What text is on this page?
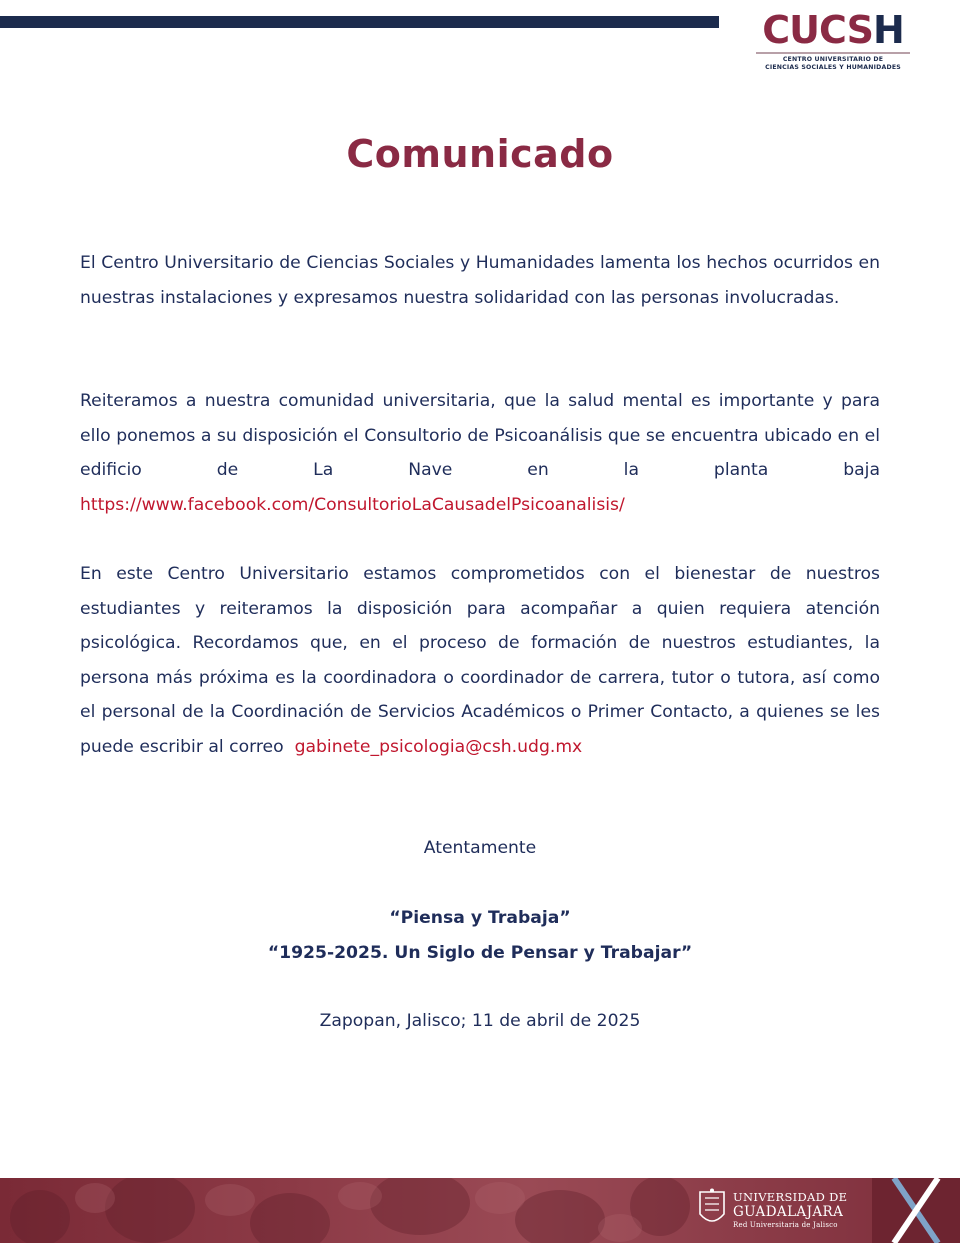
CUCSH
CENTRO UNIVERSITARIO DE
CIENCIAS SOCIALES Y HUMANIDADES
Comunicado
El Centro Universitario de Ciencias Sociales y Humanidades lamenta los hechos ocurridos en nuestras instalaciones y expresamos nuestra solidaridad con las personas involucradas.
Reiteramos a nuestra comunidad universitaria, que la salud mental es importante y para ello ponemos a su disposición el Consultorio de Psicoanálisis que se encuentra ubicado en el edificio de La Nave en la planta baja https://www.facebook.com/ConsultorioLaCausadelPsicoanalisis/
En este Centro Universitario estamos comprometidos con el bienestar de nuestros estudiantes y reiteramos la disposición para acompañar a quien requiera atención psicológica. Recordamos que, en el proceso de formación de nuestros estudiantes, la persona más próxima es la coordinadora o coordinador de carrera, tutor o tutora, así como el personal de la Coordinación de Servicios Académicos o Primer Contacto, a quienes se les puede escribir al correo gabinete_psicologia@csh.udg.mx
Atentamente
“Piensa y Trabaja”
“1925-2025. Un Siglo de Pensar y Trabajar”
Zapopan, Jalisco; 11 de abril de 2025
UNIVERSIDAD DE
GUADALAJARA
Red Universitaria de Jalisco
